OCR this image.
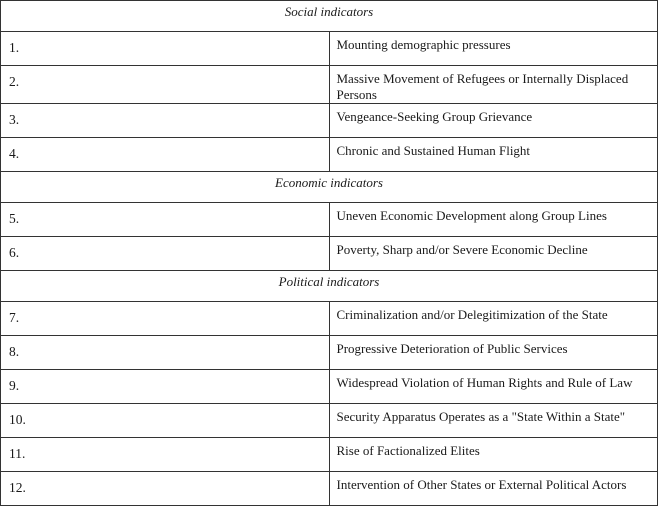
Social indicators	
1.	Mounting demographic pressures
2.	Massive Movement of Refugees or Internally Displaced Persons
3.	Vengeance-Seeking Group Grievance
4.	Chronic and Sustained Human Flight
Economic indicators	
5.	Uneven Economic Development along Group Lines
6.	Poverty, Sharp and/or Severe Economic Decline
Political indicators	
7.	Criminalization and/or Delegitimization of the State
8.	Progressive Deterioration of Public Services
9.	Widespread Violation of Human Rights and Rule of Law
10.	Security Apparatus Operates as a "State Within a State"
11.	Rise of Factionalized Elites
12.	Intervention of Other States or External Political Actors
